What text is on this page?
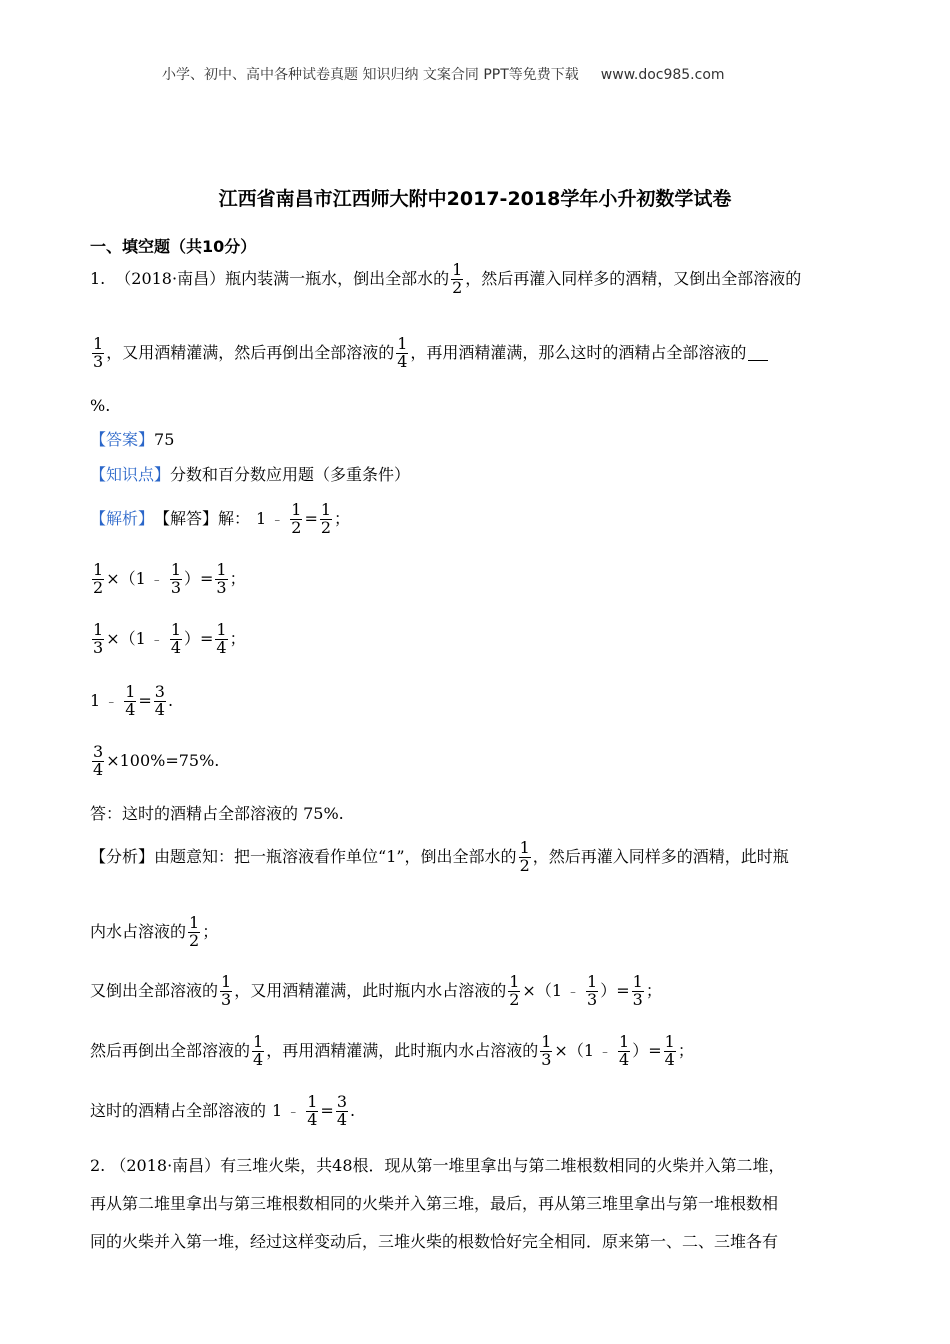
小学、初中、高中各种试卷真题 知识归纳 文案合同 PPT等免费下载 www.doc985.com
江西省南昌市江西师大附中2017-2018学年小升初数学试卷
一、填空题（共10分）
1. （2018·南昌） 瓶内装满一瓶水，倒出全部水的 $\frac{1}{2}$ ，然后再灌入同样多的酒精，又倒出全部溶液的
$\frac{1}{3}$ ，又用酒精灌满，然后再倒出全部溶液的 $\frac{1}{4}$ ，再用酒精灌满，那么这时的酒精占全部溶液的
%.
【答案】 75
【知识点】 分数和百分数应用题（多重条件）
【解析】 【解答】 解： 1 ﹣ $\frac{1}{2} = \frac{1}{2}$ ；
$\frac{1}{2}$ × （ 1 ﹣ $\frac{1}{3}$ ） = $\frac{1}{3}$ ；
$\frac{1}{3}$ × （ 1 ﹣ $\frac{1}{4}$ ） = $\frac{1}{4}$ ；
1 ﹣ $\frac{1}{4} = \frac{3}{4}$ .
$\frac{3}{4} \times 100\%=75\%$.
答：这时的酒精占全部溶液的 75%.
【分析】 由题意知：把一瓶溶液看作单位“1”，倒出全部水的 $\frac{1}{2}$ ，然后再灌入同样多的酒精，此时瓶
内水占溶液的 $\frac{1}{2}$ ；
又倒出全部溶液的 $\frac{1}{3}$ ，又用酒精灌满，此时瓶内水占溶液的 $\frac{1}{2}$ × （ 1 ﹣ $\frac{1}{3}$ ） = $\frac{1}{3}$ ；
然后再倒出全部溶液的 $\frac{1}{4}$ ，再用酒精灌满，此时瓶内水占溶液的 $\frac{1}{3}$ × （ 1 ﹣ $\frac{1}{4}$ ） = $\frac{1}{4}$ ；
这时的酒精占全部溶液的 1 ﹣ $\frac{1}{4} = \frac{3}{4}$ .
2. （2018·南昌）有三堆火柴，共48根．现从第一堆里拿出与第二堆根数相同的火柴并入第二堆，
再从第二堆里拿出与第三堆根数相同的火柴并入第三堆，最后，再从第三堆里拿出与第一堆根数相
同的火柴并入第一堆，经过这样变动后，三堆火柴的根数恰好完全相同．原来第一、二、三堆各有
